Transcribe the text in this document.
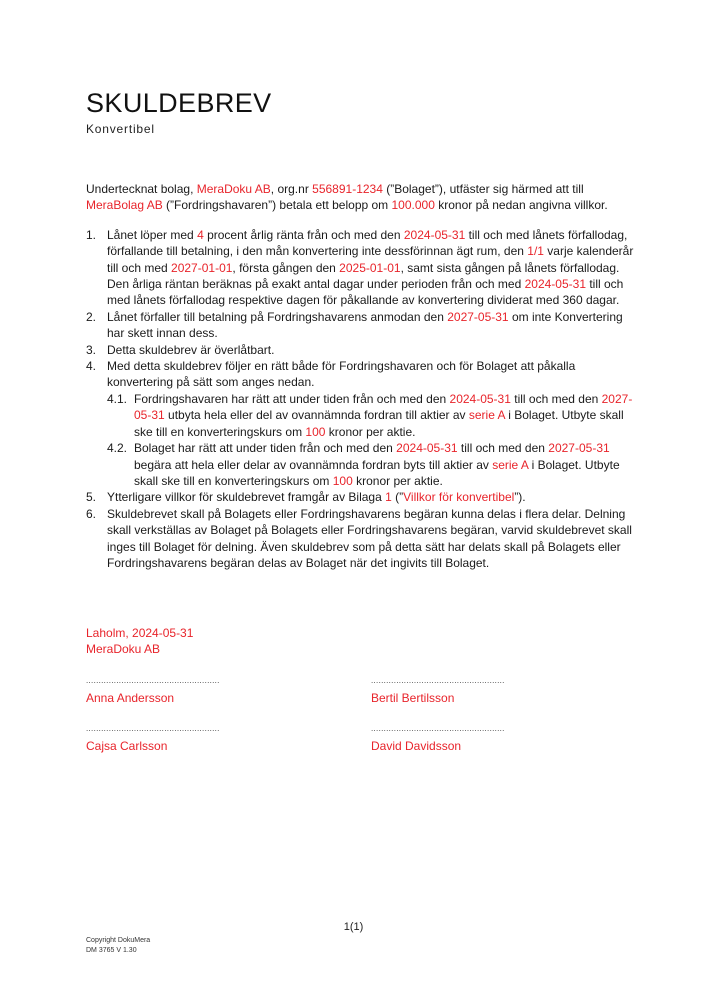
SKULDEBREV
Konvertibel

Undertecknat bolag, MeraDoku AB, org.nr 556891-1234 (”Bolaget”), utfäster sig härmed att till MeraBolag AB (”Fordringshavaren”) betala ett belopp om 100.000 kronor på nedan angivna villkor.

1. Lånet löper med 4 procent årlig ränta från och med den 2024-05-31 till och med lånets förfallodag, förfallande till betalning, i den mån konvertering inte dessförinnan ägt rum, den 1/1 varje kalenderår till och med 2027-01-01, första gången den 2025-01-01, samt sista gången på lånets förfallodag. Den årliga räntan beräknas på exakt antal dagar under perioden från och med 2024-05-31 till och med lånets förfallodag respektive dagen för påkallande av konvertering dividerat med 360 dagar.
2. Lånet förfaller till betalning på Fordringshavarens anmodan den 2027-05-31 om inte Konvertering har skett innan dess.
3. Detta skuldebrev är överlåtbart.
4. Med detta skuldebrev följer en rätt både för Fordringshavaren och för Bolaget att påkalla konvertering på sätt som anges nedan.
4.1. Fordringshavaren har rätt att under tiden från och med den 2024-05-31 till och med den 2027-05-31 utbyta hela eller del av ovannämnda fordran till aktier av serie A i Bolaget. Utbyte skall ske till en konverteringskurs om 100 kronor per aktie.
4.2. Bolaget har rätt att under tiden från och med den 2024-05-31 till och med den 2027-05-31 begära att hela eller delar av ovannämnda fordran byts till aktier av serie A i Bolaget. Utbyte skall ske till en konverteringskurs om 100 kronor per aktie.
5. Ytterligare villkor för skuldebrevet framgår av Bilaga 1 (”Villkor för konvertibel”).
6. Skuldebrevet skall på Bolagets eller Fordringshavarens begäran kunna delas i flera delar. Delning skall verkställas av Bolaget på Bolagets eller Fordringshavarens begäran, varvid skuldebrevet skall inges till Bolaget för delning. Även skuldebrev som på detta sätt har delats skall på Bolagets eller Fordringshavarens begäran delas av Bolaget när det ingivits till Bolaget.
Laholm, 2024-05-31
MeraDoku AB
.....................................................
Anna Andersson
.....................................................
Bertil Bertilsson
.....................................................
Cajsa Carlsson
.....................................................
David Davidsson
1(1)
Copyright DokuMera
DM 3765 V 1.30
